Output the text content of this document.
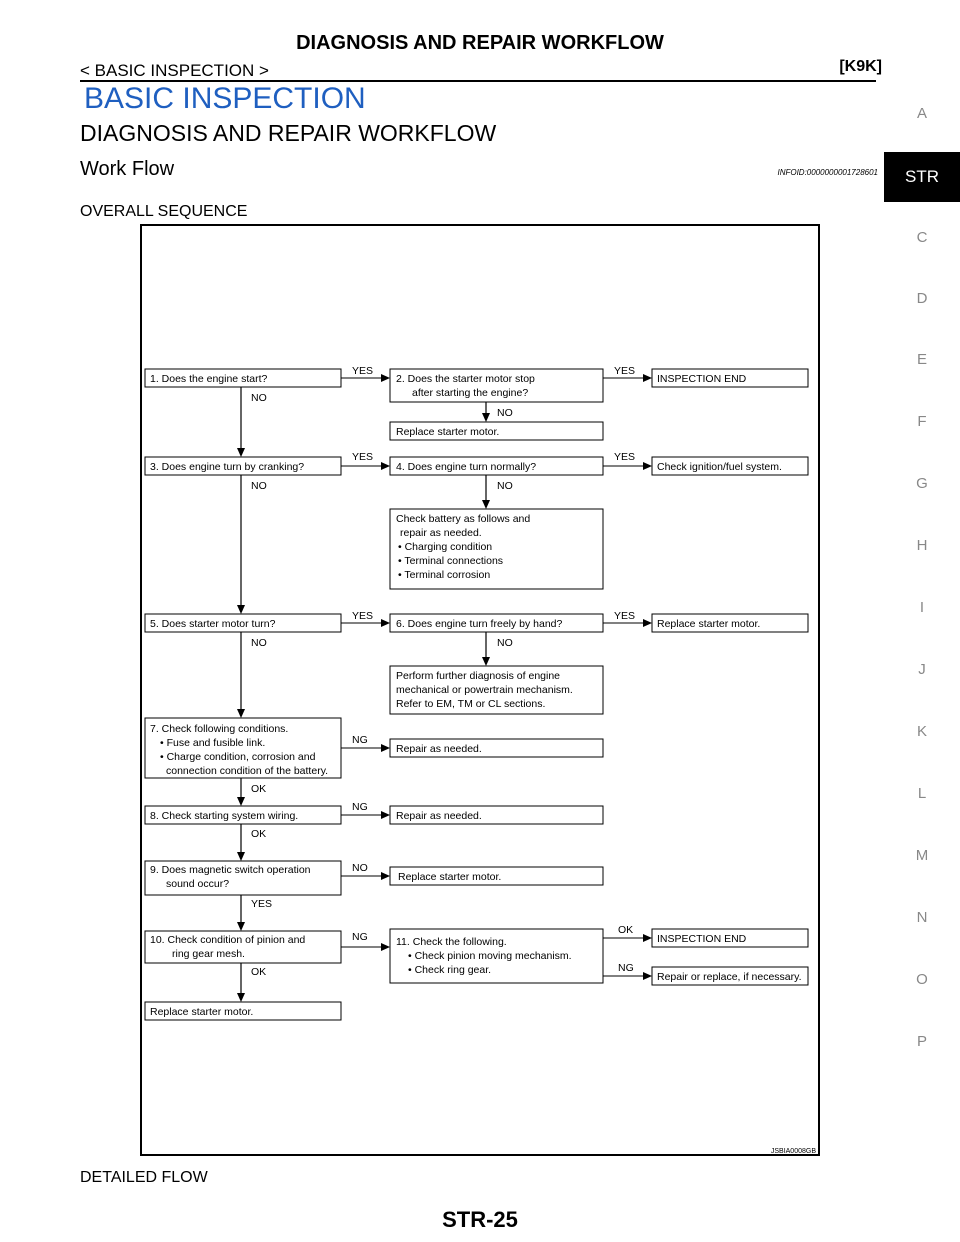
DIAGNOSIS AND REPAIR WORKFLOW
< BASIC INSPECTION >	[K9K]
BASIC INSPECTION
DIAGNOSIS AND REPAIR WORKFLOW
Work Flow	INFOID:0000000001728601
OVERALL SEQUENCE
1. Does the engine start?	2. Does the starter motor stop
after starting the engine?
INSPECTION END
Replace starter motor.
3. Does engine turn by cranking?	4. Does engine turn normally?	Check ignition/fuel system.
Check battery as follows and
repair as needed.
• Charging condition
• Terminal connections
• Terminal corrosion
5. Does starter motor turn?	6. Does engine turn freely by hand?	Replace starter motor.
Perform further diagnosis of engine
mechanical or powertrain mechanism.
Refer to EM, TM or CL sections.
7. Check following conditions.
• Fuse and fusible link.
• Charge condition, corrosion and
connection condition of the battery.
Repair as needed.
8. Check starting system wiring.	Repair as needed.
9. Does magnetic switch operation
sound occur?
Replace starter motor.
10. Check condition of pinion and
ring gear mesh.
11. Check the following.
• Check pinion moving mechanism.
• Check ring gear.
INSPECTION END
Repair or replace, if necessary.
Replace starter motor.
YES	YES
NO
NO
YES	YES
NO	NO
YES	YES
NO	NO
NG
OK
NG
OK
NO
YES
NG
OK
OK
NG
JSBIA0008GB
DETAILED FLOW
STR-25
A
STR
C
D
E
F
G
H
I
J
K
L
M
N
O
P
